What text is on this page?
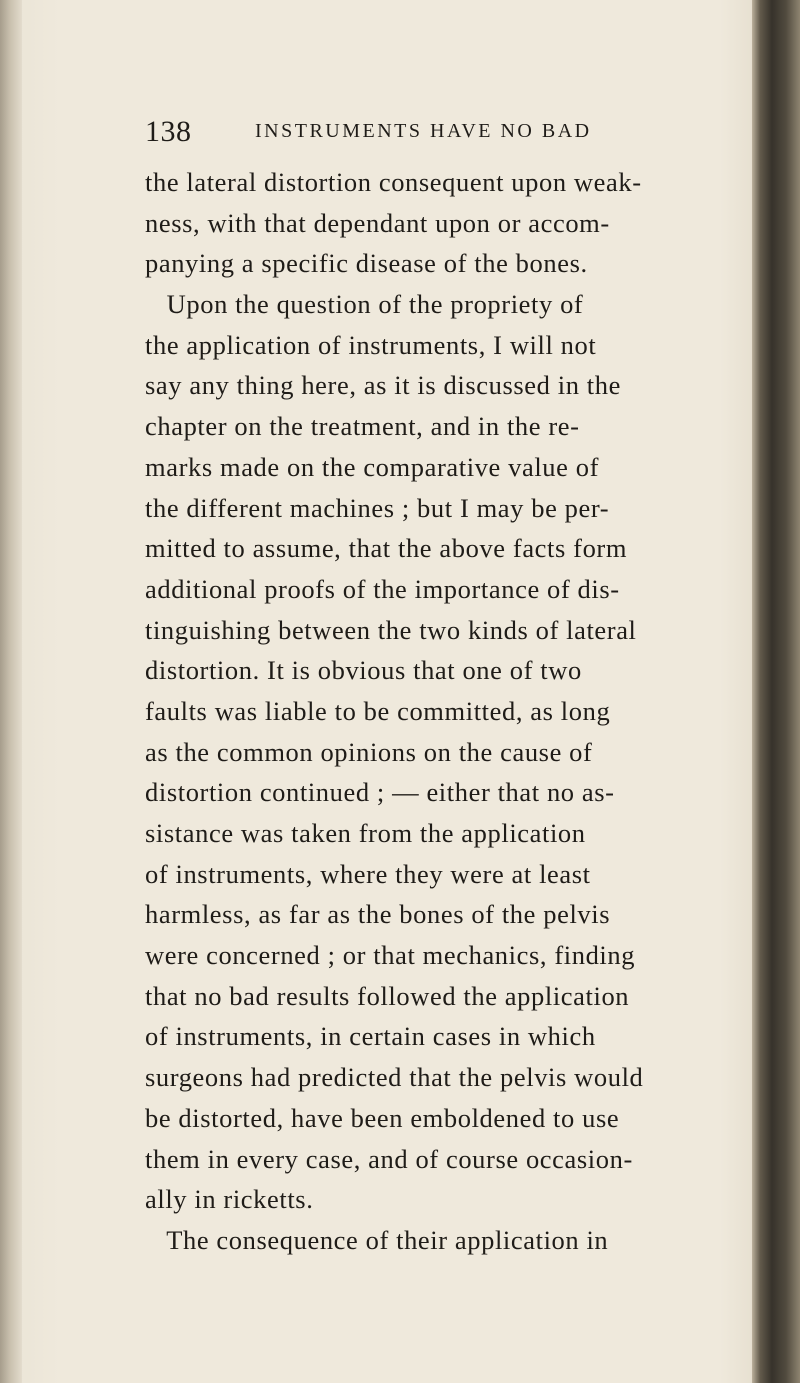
138	INSTRUMENTS HAVE NO BAD
the lateral distortion consequent upon weak-
ness, with that dependant upon or accom-
panying a specific disease of the bones.
Upon the question of the propriety of
the application of instruments, I will not
say any thing here, as it is discussed in the
chapter on the treatment, and in the re-
marks made on the comparative value of
the different machines ; but I may be per-
mitted to assume, that the above facts form
additional proofs of the importance of dis-
tinguishing between the two kinds of lateral
distortion. It is obvious that one of two
faults was liable to be committed, as long
as the common opinions on the cause of
distortion continued ; — either that no as-
sistance was taken from the application
of instruments, where they were at least
harmless, as far as the bones of the pelvis
were concerned ; or that mechanics, finding
that no bad results followed the application
of instruments, in certain cases in which
surgeons had predicted that the pelvis would
be distorted, have been emboldened to use
them in every case, and of course occasion-
ally in ricketts.
The consequence of their application in
